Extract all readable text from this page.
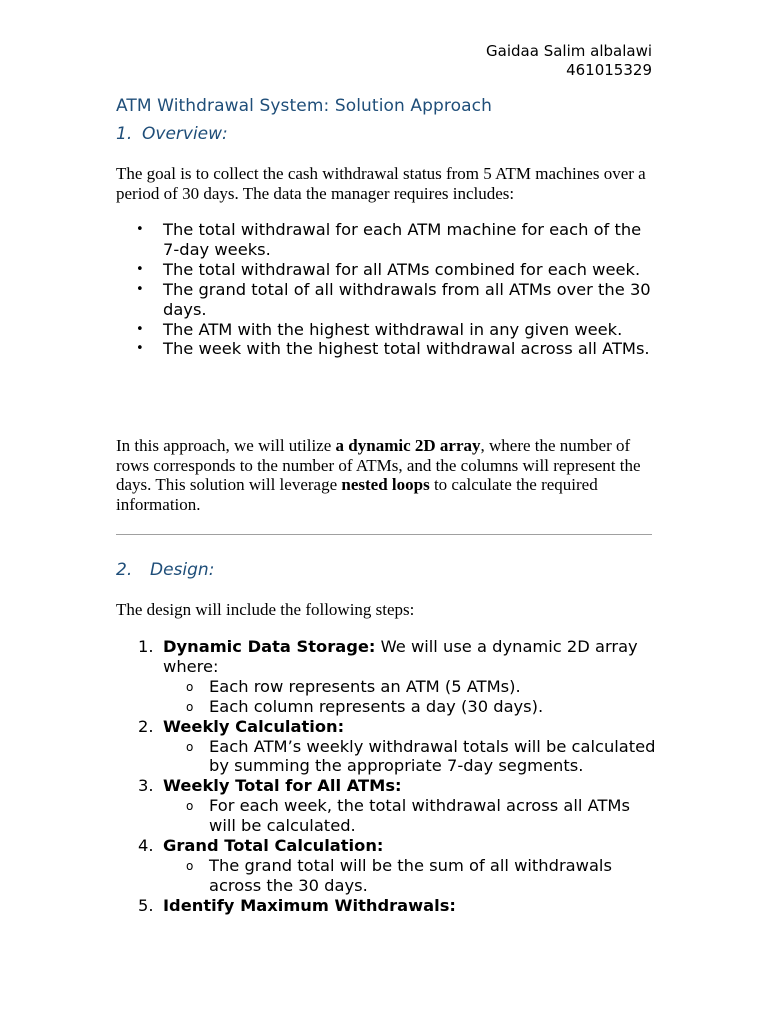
Gaidaa Salim albalawi
461015329
ATM Withdrawal System: Solution Approach
1. Overview:

The goal is to collect the cash withdrawal status from 5 ATM machines over a period of 30 days. The data the manager requires includes:

• The total withdrawal for each ATM machine for each of the 7-day weeks.
• The total withdrawal for all ATMs combined for each week.
• The grand total of all withdrawals from all ATMs over the 30 days.
• The ATM with the highest withdrawal in any given week.
• The week with the highest total withdrawal across all ATMs.

In this approach, we will utilize a dynamic 2D array, where the number of rows corresponds to the number of ATMs, and the columns will represent the days. This solution will leverage nested loops to calculate the required information.

2. Design:

The design will include the following steps:

1. Dynamic Data Storage: We will use a dynamic 2D array where:
o Each row represents an ATM (5 ATMs).
o Each column represents a day (30 days).
2. Weekly Calculation:
o Each ATM’s weekly withdrawal totals will be calculated by summing the appropriate 7-day segments.
3. Weekly Total for All ATMs:
o For each week, the total withdrawal across all ATMs will be calculated.
4. Grand Total Calculation:
o The grand total will be the sum of all withdrawals across the 30 days.
5. Identify Maximum Withdrawals:
